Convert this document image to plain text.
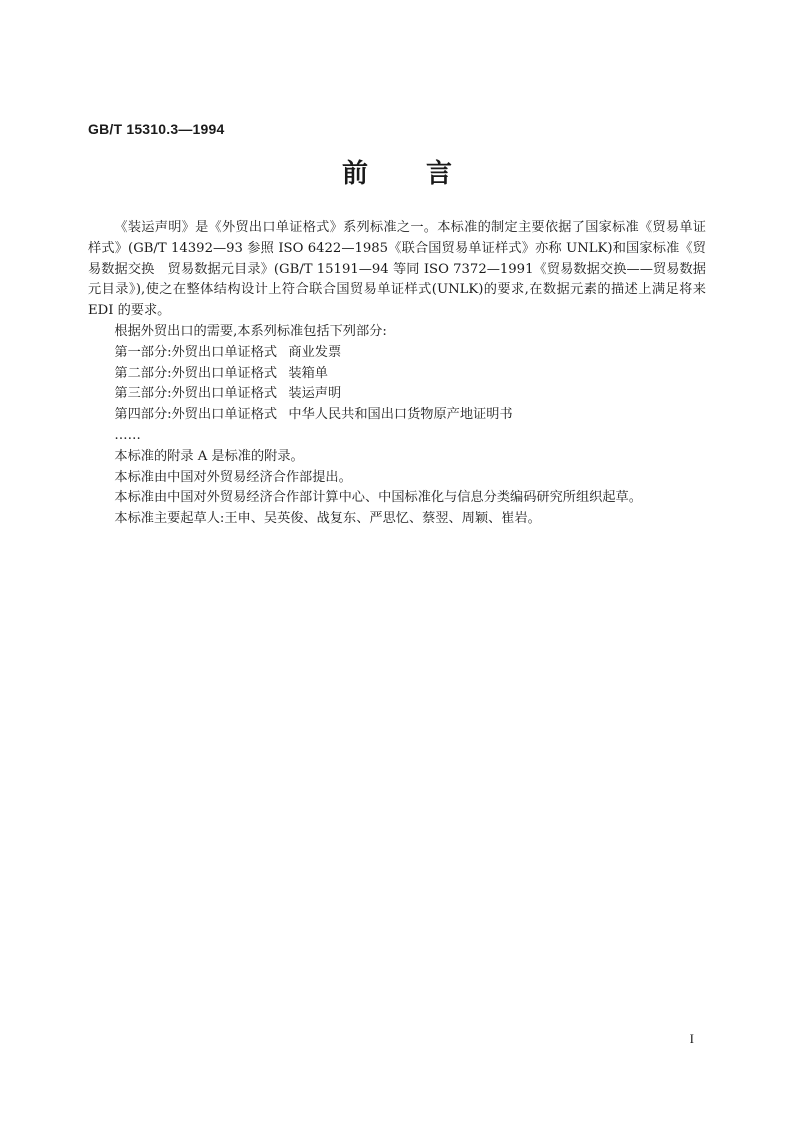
GB/T 15310.3—1994
前言

《装运声明》是《外贸出口单证格式》系列标准之一。本标准的制定主要依据了国家标准《贸易单证样式》(GB/T 14392—93 参照 ISO 6422—1985《联合国贸易单证样式》亦称 UNLK)和国家标准《贸易数据交换　贸易数据元目录》(GB/T 15191—94 等同 ISO 7372—1991《贸易数据交换——贸易数据元目录》),使之在整体结构设计上符合联合国贸易单证样式(UNLK)的要求,在数据元素的描述上满足将来EDI 的要求。

根据外贸出口的需要,本系列标准包括下列部分:

第一部分:外贸出口单证格式 商业发票
第二部分:外贸出口单证格式 装箱单
第三部分:外贸出口单证格式 装运声明
第四部分:外贸出口单证格式 中华人民共和国出口货物原产地证明书

……

本标准的附录 A 是标准的附录。

本标准由中国对外贸易经济合作部提出。

本标准由中国对外贸易经济合作部计算中心、中国标准化与信息分类编码研究所组织起草。

本标准主要起草人:王申、吴英俊、战复东、严思忆、蔡翌、周颖、崔岩。

I
